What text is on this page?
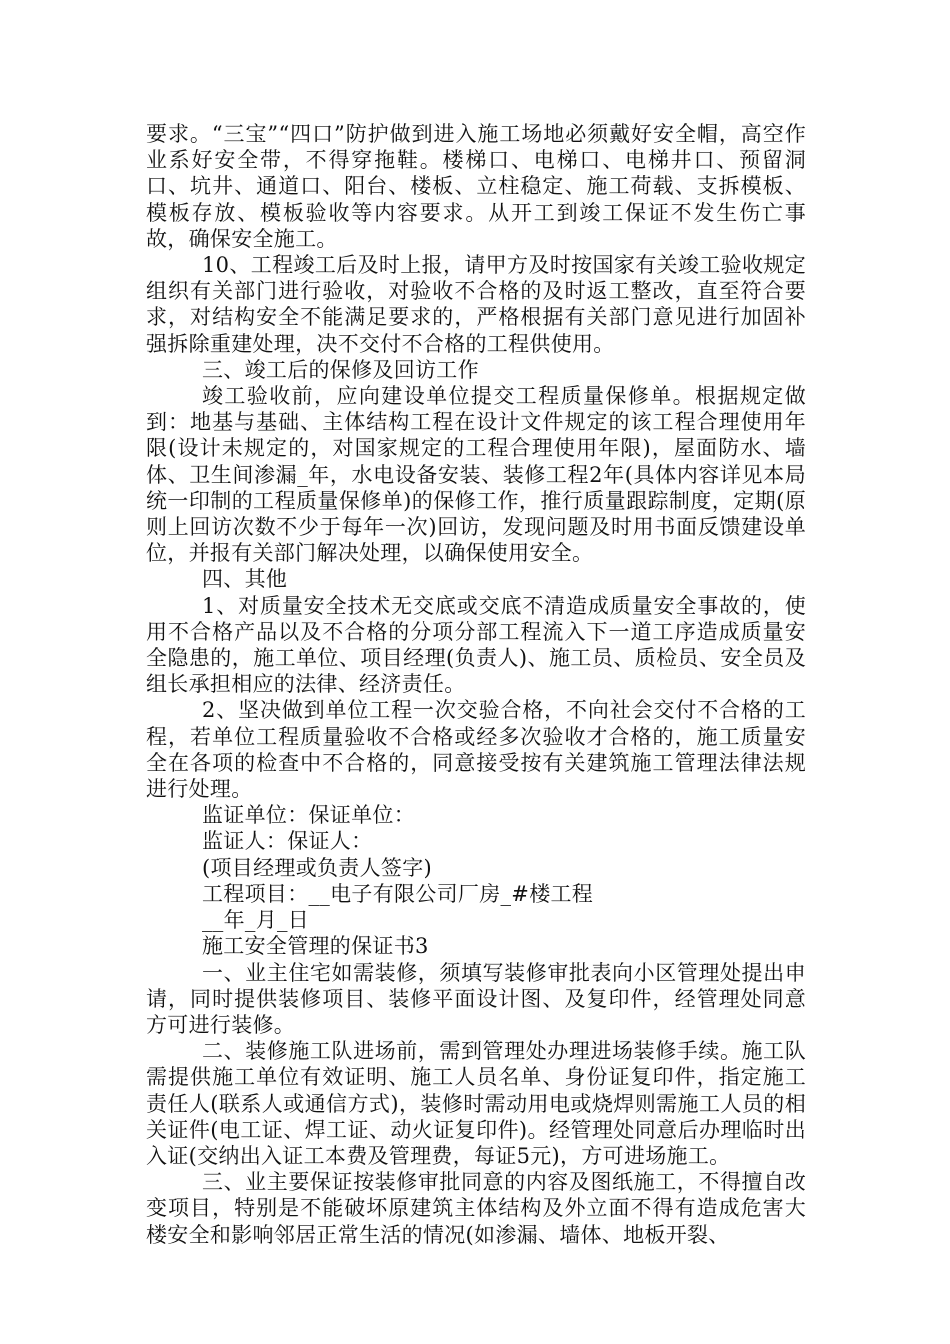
要求。“三宝”“四口”防护做到进入施工场地必须戴好安全帽，高空作业系好安全带，不得穿拖鞋。楼梯口、电梯口、电梯井口、预留洞口、坑井、通道口、阳台、楼板、立柱稳定、施工荷载、支拆模板、模板存放、模板验收等内容要求。从开工到竣工保证不发生伤亡事故，确保安全施工。

10、工程竣工后及时上报，请甲方及时按国家有关竣工验收规定组织有关部门进行验收，对验收不合格的及时返工整改，直至符合要求，对结构安全不能满足要求的，严格根据有关部门意见进行加固补强拆除重建处理，决不交付不合格的工程供使用。

三、竣工后的保修及回访工作

竣工验收前，应向建设单位提交工程质量保修单。根据规定做到：地基与基础、主体结构工程在设计文件规定的该工程合理使用年限(设计未规定的，对国家规定的工程合理使用年限)，屋面防水、墙体、卫生间渗漏_年，水电设备安装、装修工程2年(具体内容详见本局统一印制的工程质量保修单)的保修工作，推行质量跟踪制度，定期(原则上回访次数不少于每年一次)回访，发现问题及时用书面反馈建设单位，并报有关部门解决处理，以确保使用安全。

四、其他

1、对质量安全技术无交底或交底不清造成质量安全事故的，使用不合格产品以及不合格的分项分部工程流入下一道工序造成质量安全隐患的，施工单位、项目经理(负责人)、施工员、质检员、安全员及组长承担相应的法律、经济责任。

2、坚决做到单位工程一次交验合格，不向社会交付不合格的工程，若单位工程质量验收不合格或经多次验收才合格的，施工质量安全在各项的检查中不合格的，同意接受按有关建筑施工管理法律法规进行处理。

监证单位：保证单位：

监证人：保证人：

(项目经理或负责人签字)

工程项目：__电子有限公司厂房_#楼工程

__年_月_日

施工安全管理的保证书3

一、业主住宅如需装修，须填写装修审批表向小区管理处提出申请，同时提供装修项目、装修平面设计图、及复印件，经管理处同意方可进行装修。

二、装修施工队进场前，需到管理处办理进场装修手续。施工队需提供施工单位有效证明、施工人员名单、身份证复印件，指定施工责任人(联系人或通信方式)，装修时需动用电或烧焊则需施工人员的相关证件(电工证、焊工证、动火证复印件)。经管理处同意后办理临时出入证(交纳出入证工本费及管理费，每证5元)，方可进场施工。

三、业主要保证按装修审批同意的内容及图纸施工，不得擅自改变项目，特别是不能破坏原建筑主体结构及外立面不得有造成危害大楼安全和影响邻居正常生活的情况(如渗漏、墙体、地板开裂、
